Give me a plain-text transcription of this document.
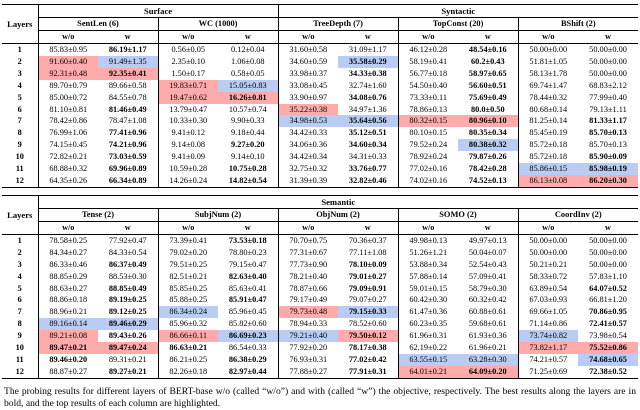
Layers	Surface				Syntactic					
	SentLen (6)		WC (1000)		TreeDepth (7)		TopConst (20)		BShift (2)	
	w/o	w	w/o	w	w/o	w	w/o	w	w/o	w
1	85.83±0.95	86.19±1.17	0.56±0.05	0.12±0.04	31.60±0.58	31.09±1.17	46.12±0.28	48.54±0.16	50.00±0.00	50.00±0.00
2	91.60±0.40	91.49±1.35	2.35±0.10	1.06±0.08	34.60±0.59	35.58±0.29	58.19±0.41	60.2±0.43	51.81±1.05	50.00±0.00
3	92.31±0.48	92.35±0.41	1.50±0.17	0.58±0.05	33.98±0.37	34.33±0.38	56.77±0.18	58.97±0.65	58.13±1.78	50.00±0.00
4	89.70±0.79	89.66±0.58	19.83±0.71	15.05±0.83	33.08±0.45	32.74±1.60	54.50±0.40	56.60±0.51	69.74±1.47	68.83±2.12
5	85.00±0.72	84.55±0.78	19.47±0.62	16.26±0.81	33.90±0.97	34.08±0.76	73.33±0.11	75.69±0.49	78.44±0.32	77.99±0.40
6	81.10±0.81	81.46±0.49	13.79±0.47	10.57±0.74	35.22±0.38	34.97±1.36	78.86±0.13	80.0±0.50	80.68±0.14	79.13±1.11
7	78.42±0.86	78.47±1.08	10.33±0.30	9.90±0.33	34.98±0.53	35.64±0.56	80.32±0.15	80.96±0.10	81.25±0.14	81.33±1.17
8	76.99±1.06	77.41±0.96	9.41±0.12	9.18±0.44	34.42±0.33	35.12±0.51	80.10±0.15	80.35±0.34	85.45±0.19	85.70±0.13
9	74.15±0.45	74.21±0.96	9.14±0.08	9.27±0.20	34.06±0.36	34.60±0.34	79.52±0.24	80.38±0.32	85.72±0.18	85.70±0.13
10	72.82±0.21	73.03±0.59	9.41±0.09	9.14±0.10	34.42±0.34	34.31±0.33	78.92±0.24	79.87±0.26	85.72±0.18	85.90±0.09
11	68.88±0.32	69.96±0.89	10.59±0.28	10.75±0.28	32.75±0.32	33.76±0.77	77.02±0.16	78.42±0.28	85.86±0.15	85.98±0.19
12	64.35±0.26	66.34±0.89	14.26±0.24	14.82±0.54	31.39±0.39	32.82±0.46	74.02±0.16	74.52±0.13	86.13±0.08	86.20±0.30
Layers	Semantic									
	Tense (2)		SubjNum (2)		ObjNum (2)		SOMO (2)		CoordInv (2)	
	w/o	w	w/o	w	w/o	w	w/o	w	w/o	w
1	78.58±0.25	77.92±0.47	73.39±0.41	73.53±0.18	70.70±0.75	70.36±0.37	49.98±0.13	49.97±0.13	50.00±0.00	50.00±0.00
2	84.34±0.27	84.33±0.54	79.02±0.20	78.80±0.23	77.31±0.67	77.11±1.08	51.26±1.21	50.04±0.07	50.00±0.00	50.00±0.00
3	86.33±0.46	86.37±0.49	79.51±0.25	79.15±0.47	77.73±0.90	78.10±0.09	53.88±0.34	52.54±0.43	50.21±0.21	50.00±0.00
4	88.85±0.29	88.53±0.30	82.51±0.21	82.63±0.40	78.21±0.40	79.01±0.27	57.88±0.14	57.09±0.41	58.33±0.72	57.83±1.10
5	88.63±0.27	88.85±0.49	85.85±0.25	85.63±0.41	78.87±0.66	79.09±0.91	59.01±0.15	58.79±0.30	63.89±0.54	64.07±0.52
6	88.86±0.18	89.19±0.25	85.88±0.25	85.91±0.47	79.17±0.49	79.07±0.27	60.42±0.30	60.32±0.42	67.03±0.93	66.81±1.20
7	88.96±0.21	89.12±0.25	86.34±0.24	85.96±0.45	79.73±0.48	79.15±0.33	61.47±0.36	60.88±0.61	69.66±1.05	70.86±0.95
8	89.16±0.14	89.46±0.29	85.96±0.32	85.82±0.60	78.94±0.33	78.52±0.60	60.23±0.35	59.68±0.61	71.14±0.86	72.41±0.57
9	89.21±0.08	89.43±0.26	86.66±0.11	86.69±0.23	79.21±0.40	79.50±0.12	61.96±0.31	61.93±0.36	73.74±0.82	73.98±0.54
10	89.47±0.21	89.47±0.24	86.63±0.21	86.54±0.33	77.92±0.20	78.17±0.38	62.19±0.22	61.96±0.21	73.82±1.17	75.52±0.86
11	89.46±0.20	89.31±0.21	86.21±0.25	86.38±0.29	76.93±0.31	77.02±0.42	63.55±0.15	63.28±0.30	74.21±0.57	74.68±0.65
12	88.87±0.27	89.27±0.21	82.26±0.18	82.97±0.44	77.88±0.27	77.91±0.31	64.01±0.21	64.09±0.20	71.25±0.69	72.38±0.52

The probing results for different layers of BERT-base w/o (called “w/o”) and with (called “w”) the objective, respectively. The best results along the layers are in bold, and the top results of each column are highlighted.
